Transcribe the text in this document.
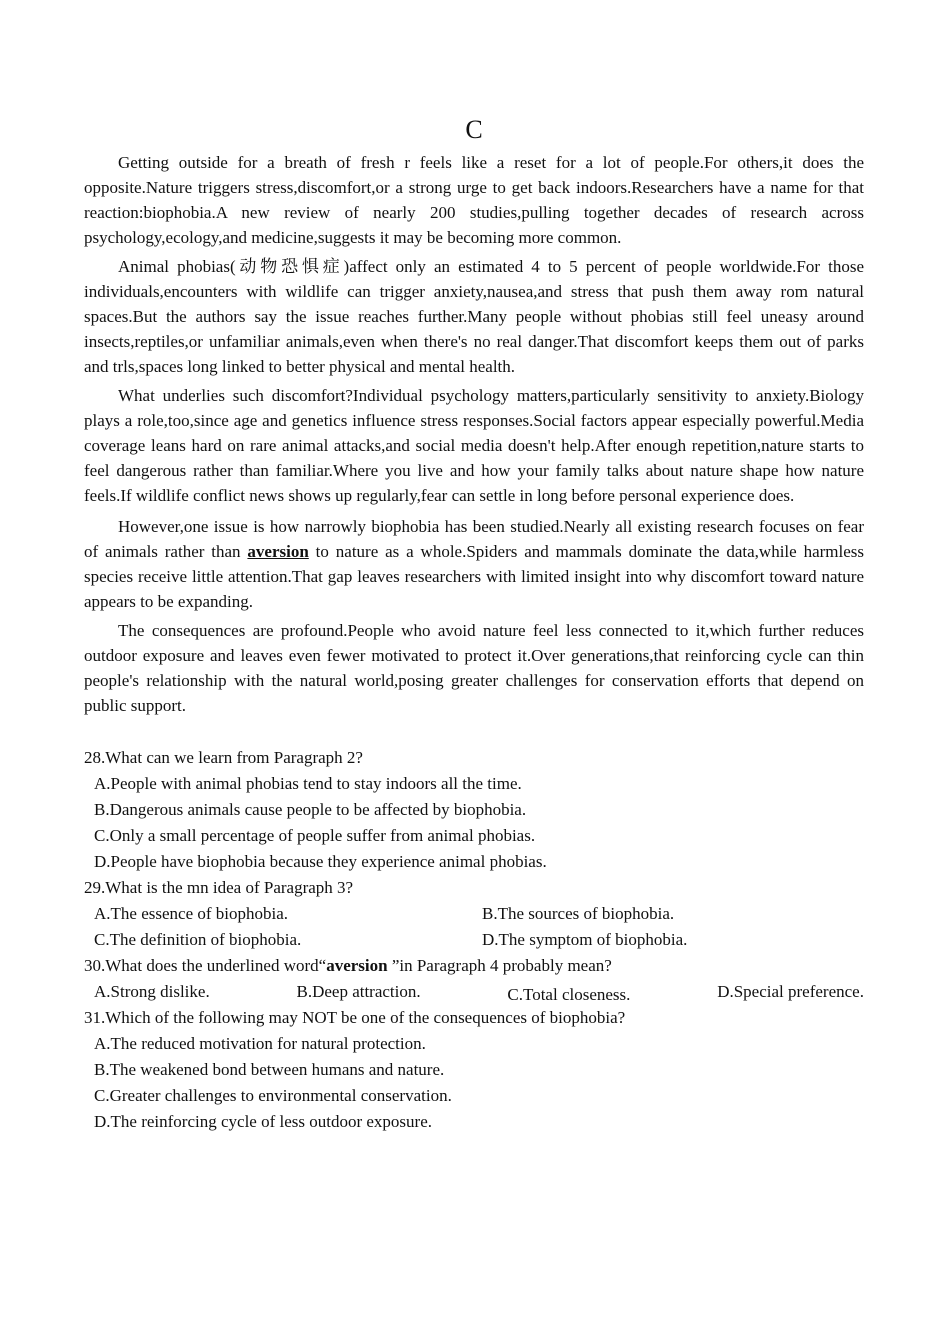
C

Getting outside for a breath of fresh r feels like a reset for a lot of people.For others,it does the opposite.Nature triggers stress,discomfort,or a strong urge to get back indoors.Researchers have a name for that reaction:biophobia.A new review of nearly 200 studies,pulling together decades of research across psychology,ecology,and medicine,suggests it may be becoming more common.

Animal phobias(动物恐惧症)affect only an estimated 4 to 5 percent of people worldwide.For those individuals,encounters with wildlife can trigger anxiety,nausea,and stress that push them away rom natural spaces.But the authors say the issue reaches further.Many people without phobias still feel uneasy around insects,reptiles,or unfamiliar animals,even when there's no real danger.That discomfort keeps them out of parks and trls,spaces long linked to better physical and mental health.

What underlies such discomfort?Individual psychology matters,particularly sensitivity to anxiety.Biology plays a role,too,since age and genetics influence stress responses.Social factors appear especially powerful.Media coverage leans hard on rare animal attacks,and social media doesn't help.After enough repetition,nature starts to feel dangerous rather than familiar.Where you live and how your family talks about nature shape how nature feels.If wildlife conflict news shows up regularly,fear can settle in long before personal experience does.

However,one issue is how narrowly biophobia has been studied.Nearly all existing research focuses on fear of animals rather than aversion to nature as a whole.Spiders and mammals dominate the data,while harmless species receive little attention.That gap leaves researchers with limited insight into why discomfort toward nature appears to be expanding.

The consequences are profound.People who avoid nature feel less connected to it,which further reduces outdoor exposure and leaves even fewer motivated to protect it.Over generations,that reinforcing cycle can thin people's relationship with the natural world,posing greater challenges for conservation efforts that depend on public support.

28.What can we learn from Paragraph 2?

A.People with animal phobias tend to stay indoors all the time.

B.Dangerous animals cause people to be affected by biophobia.

C.Only a small percentage of people suffer from animal phobias.

D.People have biophobia because they experience animal phobias.

29.What is the mn idea of Paragraph 3?

A.The essence of biophobia.	B.The sources of biophobia.
C.The definition of biophobia.	D.The symptom of biophobia.

30.What does the underlined word“aversion ”in Paragraph 4 probably mean?

A.Strong dislike.	B.Deep attraction.	C.Total closeness.	D.Special preference.

31.Which of the following may NOT be one of the consequences of biophobia?

A.The reduced motivation for natural protection.

B.The weakened bond between humans and nature.

C.Greater challenges to environmental conservation.

D.The reinforcing cycle of less outdoor exposure.
